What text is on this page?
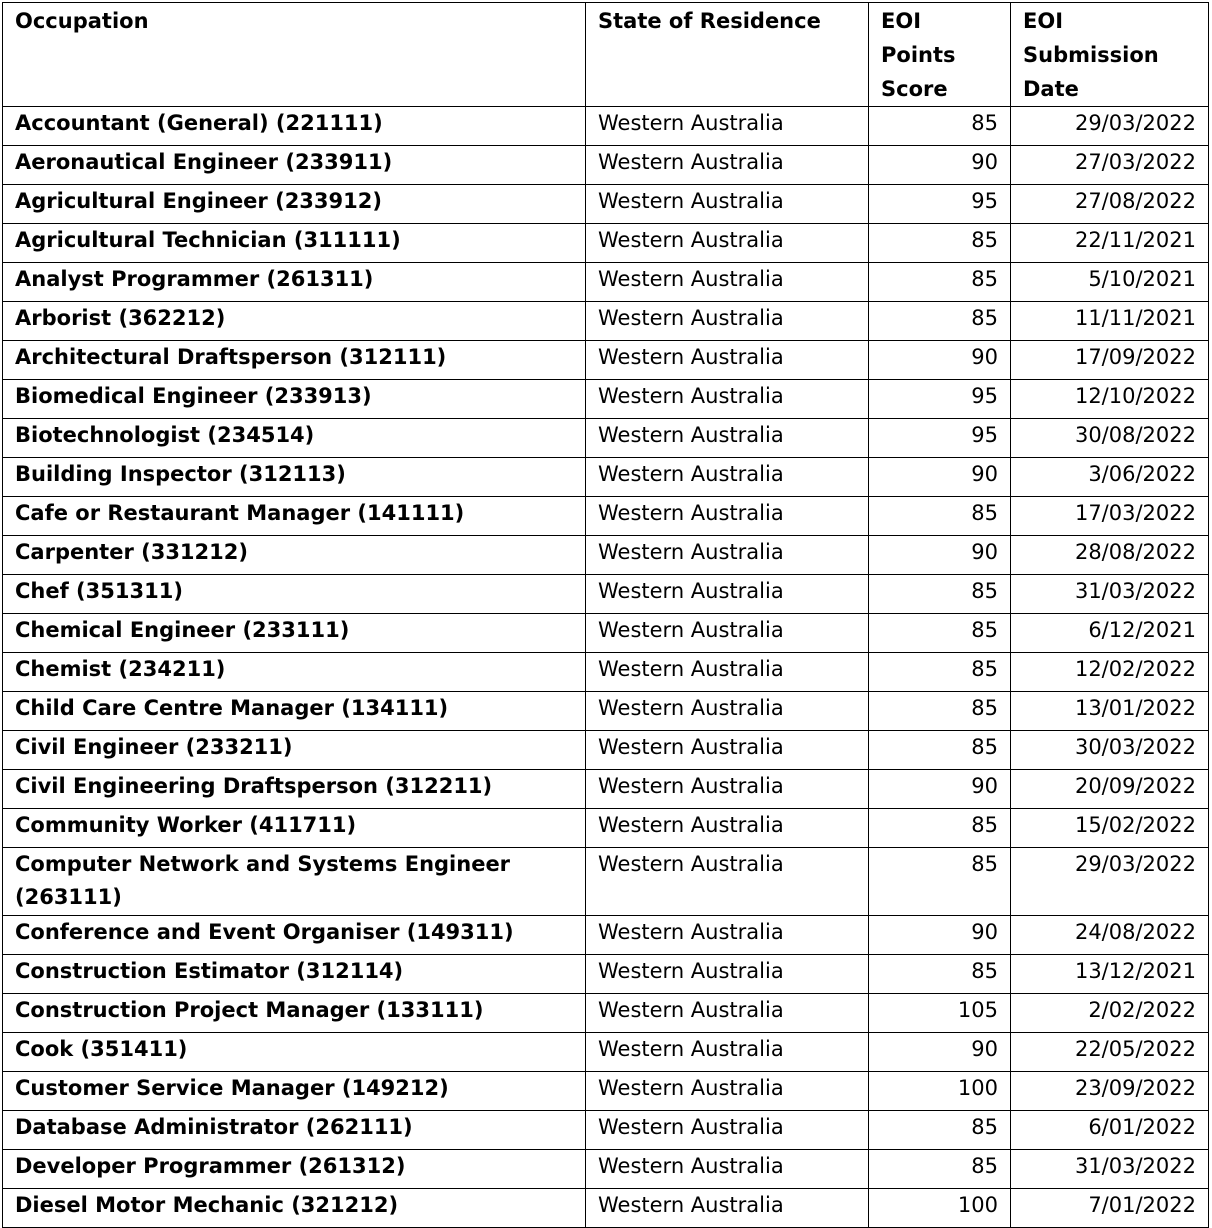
Occupation	State of Residence	EOI Points Score	EOI Submission Date
Accountant (General) (221111)	Western Australia	85	29/03/2022
Aeronautical Engineer (233911)	Western Australia	90	27/03/2022
Agricultural Engineer (233912)	Western Australia	95	27/08/2022
Agricultural Technician (311111)	Western Australia	85	22/11/2021
Analyst Programmer (261311)	Western Australia	85	5/10/2021
Arborist (362212)	Western Australia	85	11/11/2021
Architectural Draftsperson (312111)	Western Australia	90	17/09/2022
Biomedical Engineer (233913)	Western Australia	95	12/10/2022
Biotechnologist (234514)	Western Australia	95	30/08/2022
Building Inspector (312113)	Western Australia	90	3/06/2022
Cafe or Restaurant Manager (141111)	Western Australia	85	17/03/2022
Carpenter (331212)	Western Australia	90	28/08/2022
Chef (351311)	Western Australia	85	31/03/2022
Chemical Engineer (233111)	Western Australia	85	6/12/2021
Chemist (234211)	Western Australia	85	12/02/2022
Child Care Centre Manager (134111)	Western Australia	85	13/01/2022
Civil Engineer (233211)	Western Australia	85	30/03/2022
Civil Engineering Draftsperson (312211)	Western Australia	90	20/09/2022
Community Worker (411711)	Western Australia	85	15/02/2022
Computer Network and Systems Engineer (263111)	Western Australia	85	29/03/2022
Conference and Event Organiser (149311)	Western Australia	90	24/08/2022
Construction Estimator (312114)	Western Australia	85	13/12/2021
Construction Project Manager (133111)	Western Australia	105	2/02/2022
Cook (351411)	Western Australia	90	22/05/2022
Customer Service Manager (149212)	Western Australia	100	23/09/2022
Database Administrator (262111)	Western Australia	85	6/01/2022
Developer Programmer (261312)	Western Australia	85	31/03/2022
Diesel Motor Mechanic (321212)	Western Australia	100	7/01/2022
